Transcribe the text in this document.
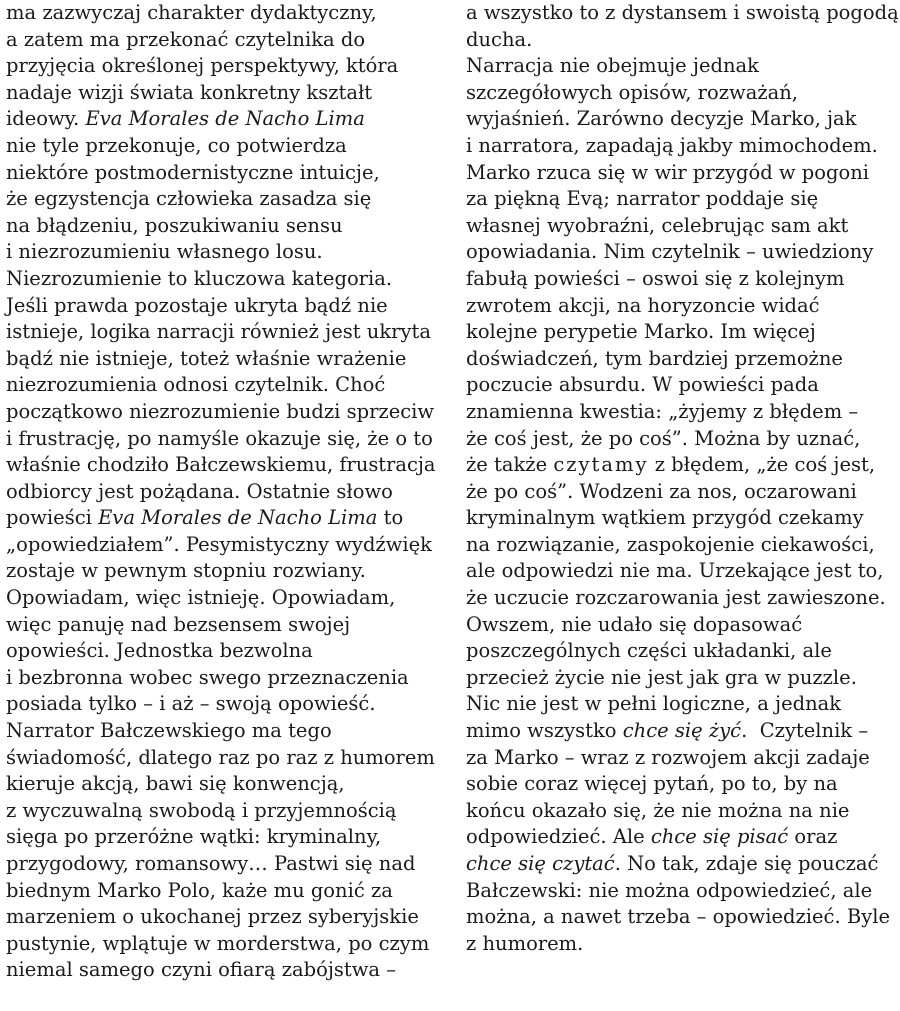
ma zazwyczaj charakter dydaktyczny,
a zatem ma przekonać czytelnika do
przyjęcia określonej perspektywy, która
nadaje wizji świata konkretny kształt
ideowy. Eva Morales de Nacho Lima
nie tyle przekonuje, co potwierdza
niektóre postmodernistyczne intuicje,
że egzystencja człowieka zasadza się
na błądzeniu, poszukiwaniu sensu
i niezrozumieniu własnego losu.
Niezrozumienie to kluczowa kategoria.
Jeśli prawda pozostaje ukryta bądź nie
istnieje, logika narracji również jest ukryta
bądź nie istnieje, toteż właśnie wrażenie
niezrozumienia odnosi czytelnik. Choć
początkowo niezrozumienie budzi sprzeciw
i frustrację, po namyśle okazuje się, że o to
właśnie chodziło Bałczewskiemu, frustracja
odbiorcy jest pożądana. Ostatnie słowo
powieści Eva Morales de Nacho Lima to
„opowiedziałem”. Pesymistyczny wydźwięk
zostaje w pewnym stopniu rozwiany.
Opowiadam, więc istnieję. Opowiadam,
więc panuję nad bezsensem swojej
opowieści. Jednostka bezwolna
i bezbronna wobec swego przeznaczenia
posiada tylko – i aż – swoją opowieść.
Narrator Bałczewskiego ma tego
świadomość, dlatego raz po raz z humorem
kieruje akcją, bawi się konwencją,
z wyczuwalną swobodą i przyjemnością
sięga po przeróżne wątki: kryminalny,
przygodowy, romansowy… Pastwi się nad
biednym Marko Polo, każe mu gonić za
marzeniem o ukochanej przez syberyjskie
pustynie, wplątuje w morderstwa, po czym
niemal samego czyni ofiarą zabójstwa –
a wszystko to z dystansem i swoistą pogodą
ducha.
Narracja nie obejmuje jednak
szczegółowych opisów, rozważań,
wyjaśnień. Zarówno decyzje Marko, jak
i narratora, zapadają jakby mimochodem.
Marko rzuca się w wir przygód w pogoni
za piękną Evą; narrator poddaje się
własnej wyobraźni, celebrując sam akt
opowiadania. Nim czytelnik – uwiedziony
fabułą powieści – oswoi się z kolejnym
zwrotem akcji, na horyzoncie widać
kolejne perypetie Marko. Im więcej
doświadczeń, tym bardziej przemożne
poczucie absurdu. W powieści pada
znamienna kwestia: „żyjemy z błędem –
że coś jest, że po coś”. Można by uznać,
że także czytamy z błędem, „że coś jest,
że po coś”. Wodzeni za nos, oczarowani
kryminalnym wątkiem przygód czekamy
na rozwiązanie, zaspokojenie ciekawości,
ale odpowiedzi nie ma. Urzekające jest to,
że uczucie rozczarowania jest zawieszone.
Owszem, nie udało się dopasować
poszczególnych części układanki, ale
przecież życie nie jest jak gra w puzzle.
Nic nie jest w pełni logiczne, a jednak
mimo wszystko chce się żyć.  Czytelnik –
za Marko – wraz z rozwojem akcji zadaje
sobie coraz więcej pytań, po to, by na
końcu okazało się, że nie można na nie
odpowiedzieć. Ale chce się pisać oraz
chce się czytać. No tak, zdaje się pouczać
Bałczewski: nie można odpowiedzieć, ale
można, a nawet trzeba – opowiedzieć. Byle
z humorem.
